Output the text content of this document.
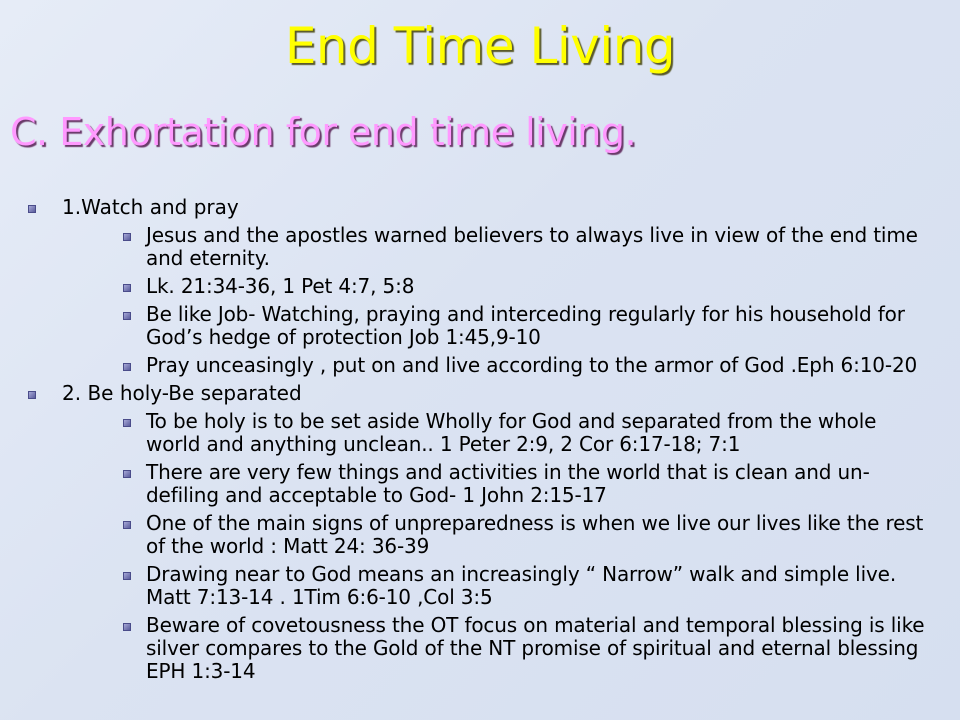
End Time Living
C. Exhortation for end time living.
1.Watch and pray
Jesus and the apostles warned believers to always live in view of the end time and eternity.
Lk. 21:34-36, 1 Pet 4:7, 5:8
Be like Job- Watching, praying and interceding regularly for his household for God’s hedge of protection Job 1:45,9-10
Pray unceasingly , put on and live according to the armor of God .Eph 6:10-20
2. Be holy-Be separated
To be holy is to be set aside Wholly for God and separated from the whole world and anything unclean.. 1 Peter 2:9, 2 Cor 6:17-18; 7:1
There are very few things and activities in the world that is clean and un-defiling and acceptable to God- 1 John 2:15-17
One of the main signs of unpreparedness is when we live our lives like the rest of the world : Matt 24: 36-39
Drawing near to God means an increasingly “ Narrow” walk and simple live. Matt 7:13-14 . 1Tim 6:6-10 ,Col 3:5
Beware of covetousness the OT focus on material and temporal blessing is like silver compares to the Gold of the NT promise of spiritual and eternal blessing EPH 1:3-14
